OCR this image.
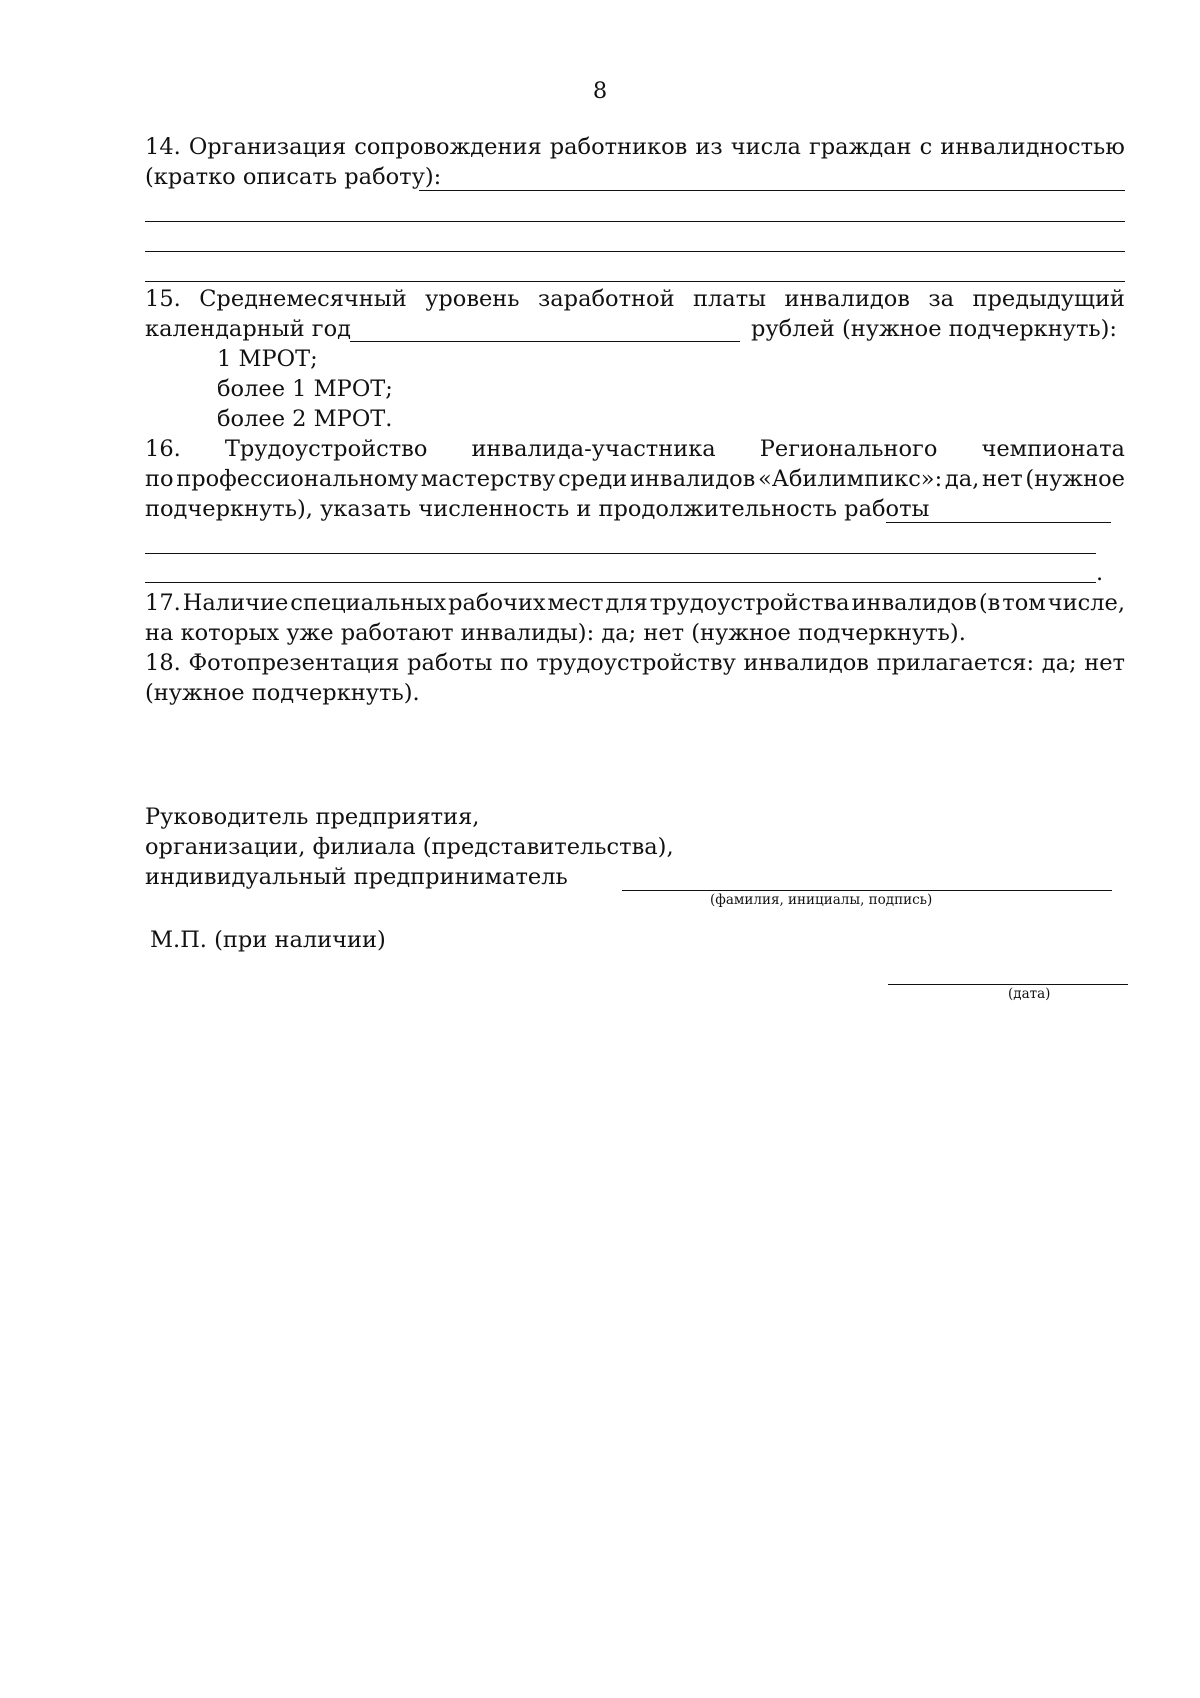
8
14. Организация сопровождения работников из числа граждан с инвалидностью
(кратко описать работу):
15. Среднемесячный уровень заработной платы инвалидов за предыдущий
календарный год	рублей (нужное подчеркнуть):
1 МРОТ;
более 1 МРОТ;
более 2 МРОТ.
16. Трудоустройство инвалида-участника Регионального чемпионата
по профессиональному мастерству среди инвалидов «Абилимпикс»: да, нет (нужное
подчеркнуть), указать численность и продолжительность работы
.
17. Наличие специальных рабочих мест для трудоустройства инвалидов (в том числе,
на которых уже работают инвалиды): да; нет (нужное подчеркнуть).
18. Фотопрезентация работы по трудоустройству инвалидов прилагается: да; нет
(нужное подчеркнуть).
Руководитель предприятия,
организации, филиала (представительства),
индивидуальный предприниматель
(фамилия, инициалы, подпись)
М.П. (при наличии)
(дата)
